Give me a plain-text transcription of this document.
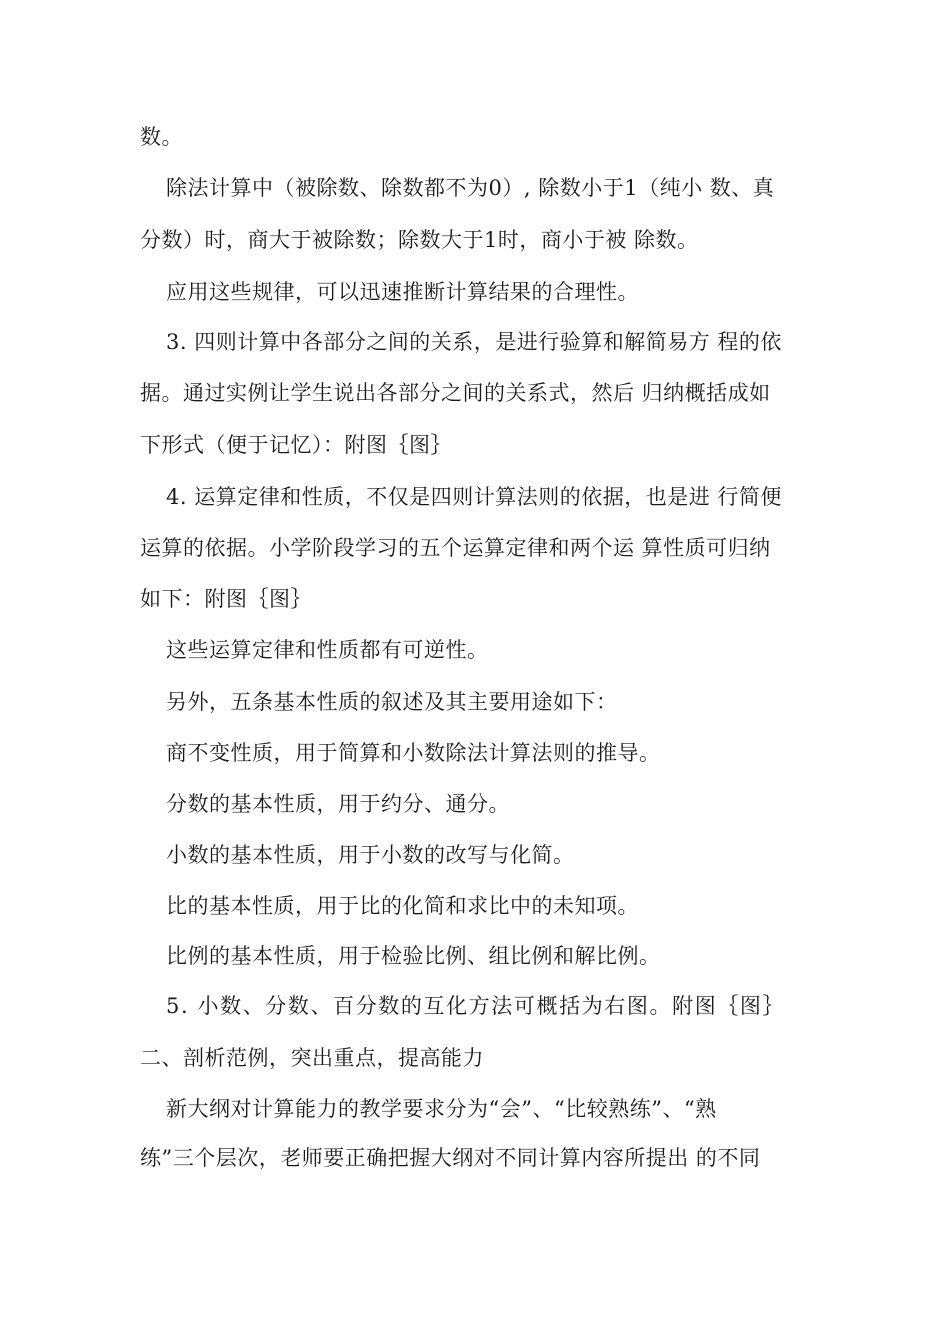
数。
除法计算中（被除数、除数都不为0）, 除数小于1（纯小 数、真
分数）时，商大于被除数；除数大于1时，商小于被 除数。
应用这些规律，可以迅速推断计算结果的合理性。
3. 四则计算中各部分之间的关系，是进行验算和解简易方 程的依
据。通过实例让学生说出各部分之间的关系式，然后 归纳概括成如
下形式（便于记忆）：附图｛图｝
4. 运算定律和性质，不仅是四则计算法则的依据，也是进 行简便
运算的依据。小学阶段学习的五个运算定律和两个运 算性质可归纳
如下：附图｛图｝
这些运算定律和性质都有可逆性。
另外，五条基本性质的叙述及其主要用途如下：
商不变性质，用于简算和小数除法计算法则的推导。
分数的基本性质，用于约分、通分。
小数的基本性质，用于小数的改写与化简。
比的基本性质，用于比的化简和求比中的未知项。
比例的基本性质，用于检验比例、组比例和解比例。
5. 小数、分数、百分数的互化方法可概括为右图。附图｛图｝
二、剖析范例，突出重点，提高能力
新大纲对计算能力的教学要求分为“会”、“比较熟练”、“熟
练”三个层次，老师要正确把握大纲对不同计算内容所提出 的不同
